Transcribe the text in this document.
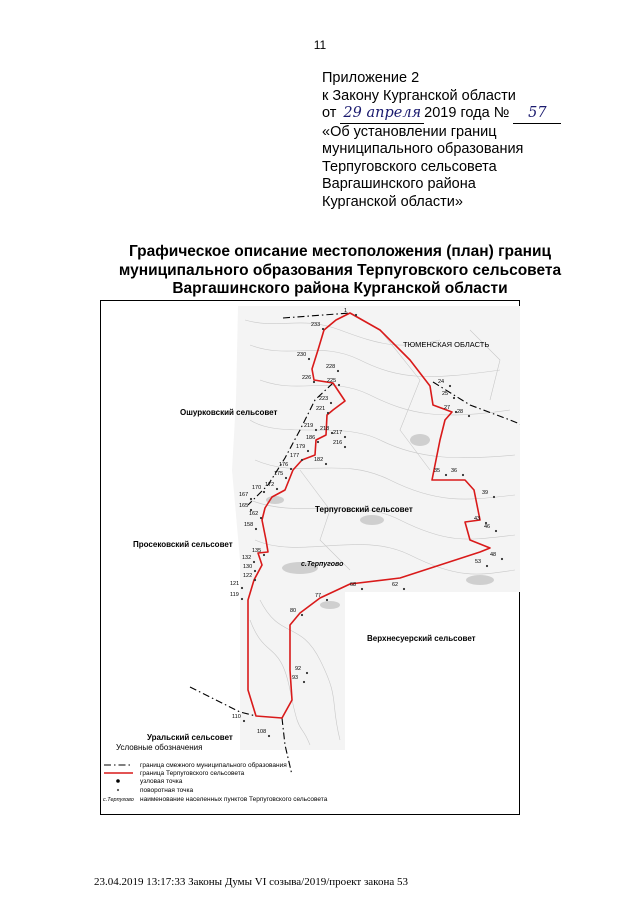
11
Приложение 2
к Закону Курганской области
от 29 апреля 2019 года № 57
«Об установлении границ
муниципального образования
Терпуговского сельсовета
Варгашинского района
Курганской области»
Графическое описание местоположения (план) границ
муниципального образования Терпуговского сельсовета
Варгашинского района Курганской области
с.Терпугово
ТЮМЕНСКАЯ ОБЛАСТЬ
Ошурковский сельсовет
Терпуговский сельсовет
Просековский сельсовет
Верхнесуерский сельсовет
Уральский сельсовет
1
233
230
228
226	225
223
221
219 218
217
186
216
179
182
177
176
175
172
170
167
165
162
158
135
132
130
122
121
119
24
25
27
28
35 36
39
43
46
48
53
62
68
77
80
92
93
110
108
Условные обозначения
граница смежного муниципального образования
граница Терпуговского сельсовета
узловая точка
поворотная точка
с.Терпугово наименование населенных пунктов Терпуговского сельсовета
23.04.2019 13:17:33 Законы Думы VI созыва/2019/проект закона 53
